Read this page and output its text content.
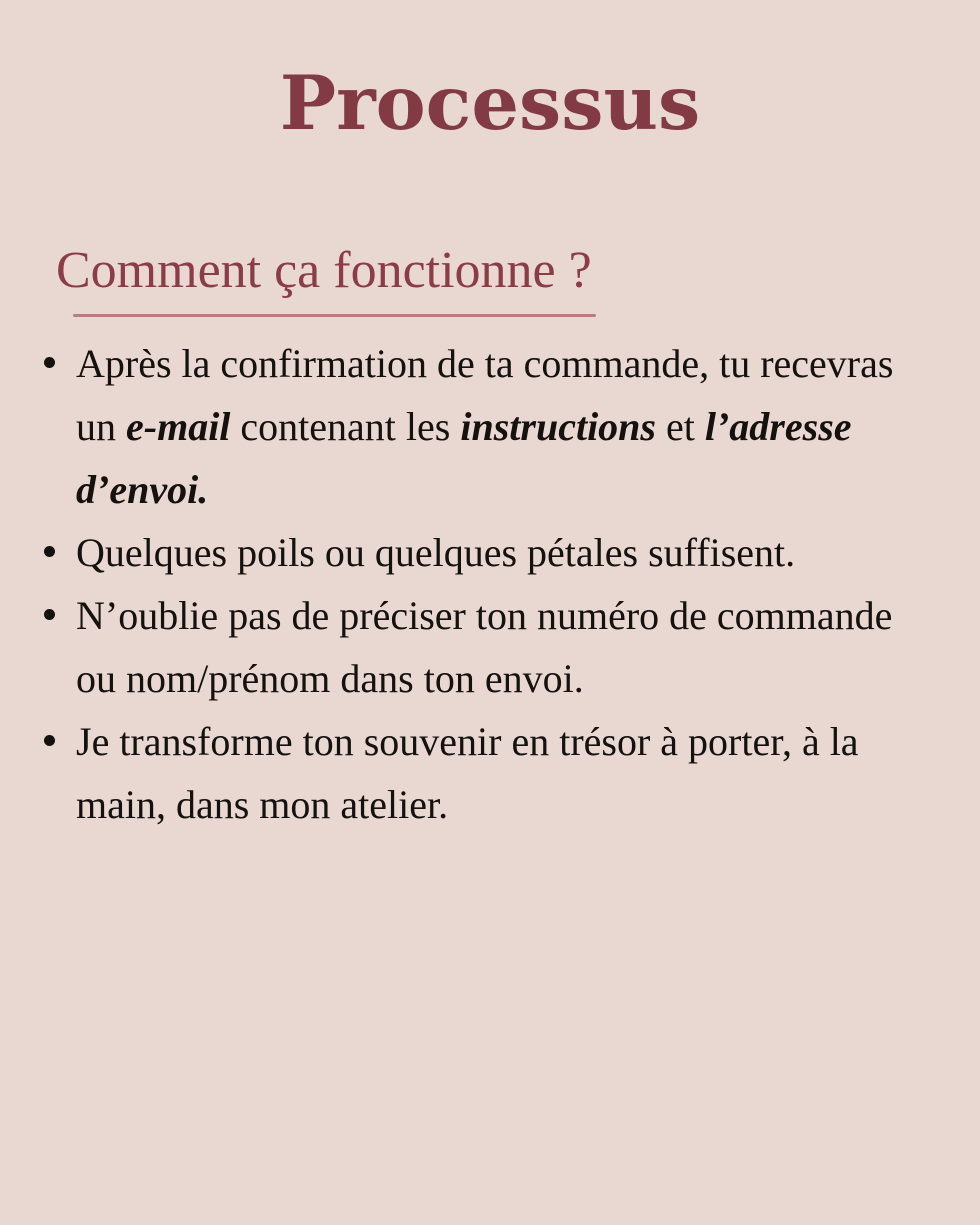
Processus
Comment ça fonctionne ?
Après la confirmation de ta commande, tu recevras un e-mail contenant les instructions et l’adresse d’envoi.
Quelques poils ou quelques pétales suffisent.
N’oublie pas de préciser ton numéro de commande ou nom/prénom dans ton envoi.
Je transforme ton souvenir en trésor à porter, à la main, dans mon atelier.
